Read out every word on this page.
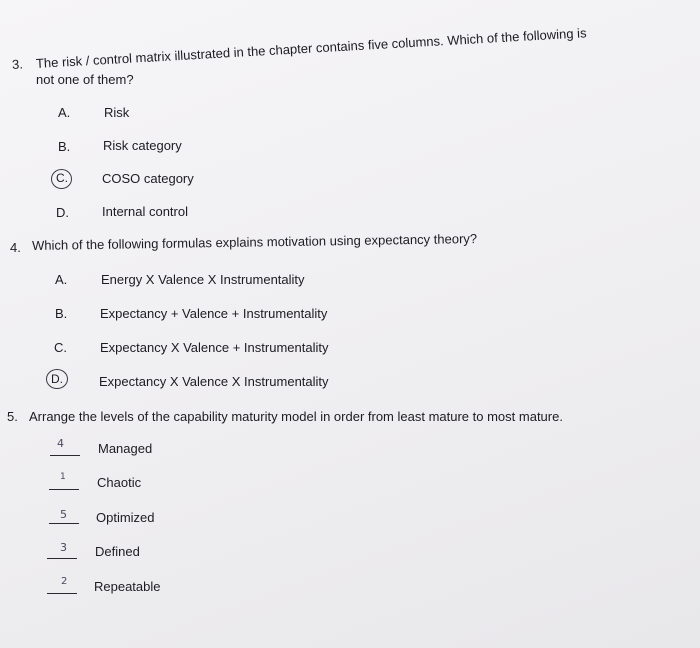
3. The risk / control matrix illustrated in the chapter contains five columns. Which of the following is
not one of them?
A.	Risk
B.	Risk category
C.	COSO category
D.	Internal control
4. Which of the following formulas explains motivation using expectancy theory?
A.	Energy X Valence X Instrumentality
B.	Expectancy + Valence + Instrumentality
C.	Expectancy X Valence + Instrumentality
D.	Expectancy X Valence X Instrumentality
5. Arrange the levels of the capability maturity model in order from least mature to most mature.
4	Managed
1 Chaotic
5 Optimized
3 Defined
2 Repeatable
